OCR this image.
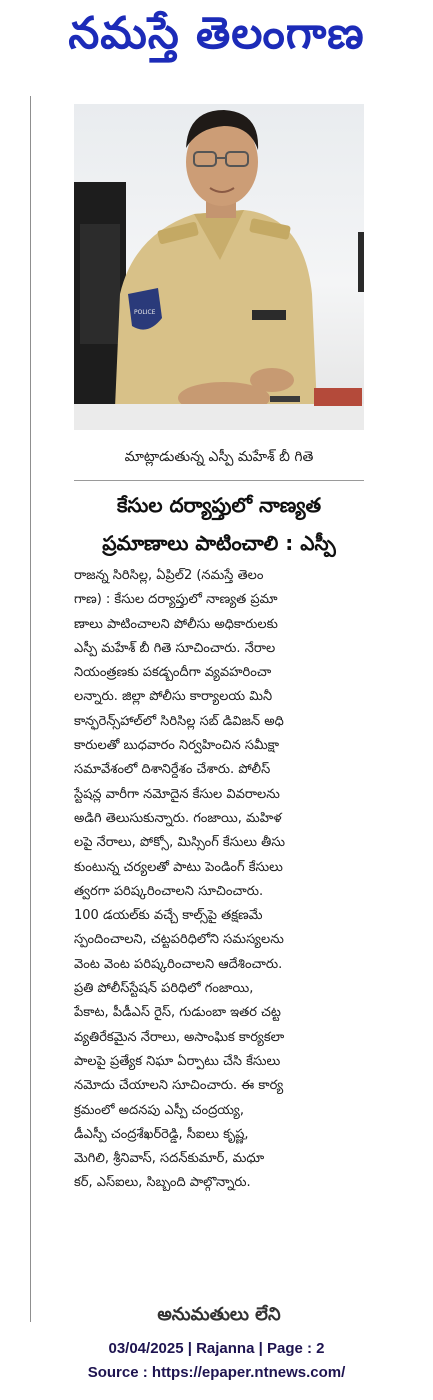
నమస్తే తెలంగాణ
POLICE
మాట్లాడుతున్న ఎస్పీ మహేశ్‌ బీ గితె
కేసుల దర్యాప్తులో నాణ్యత
ప్రమాణాలు పాటించాలి : ఎస్పీ
రాజన్న సిరిసిల్ల, ఏప్రిల్‌2 (నమస్తే తెలం
గాణ) : కేసుల దర్యాప్తులో నాణ్యత ప్రమా
ణాలు పాటించాలని పోలీసు అధికారులకు
ఎస్పీ మహేశ్‌ బీ గితె సూచించారు. నేరాల
నియంత్రణకు పకడ్బందీగా వ్యవహరించా
లన్నారు. జిల్లా పోలీసు కార్యాలయ మినీ
కాన్ఫరెన్స్‌హాల్‌లో సిరిసిల్ల సబ్‌ డివిజన్‌ అధి
కారులతో బుధవారం నిర్వహించిన సమీక్షా
సమావేశంలో దిశానిర్దేశం చేశారు. పోలీస్‌
స్టేషన్ల వారీగా నమోదైన కేసుల వివరాలను
అడిగి తెలుసుకున్నారు. గంజాయి, మహిళ
లపై నేరాలు, పోక్సో, మిస్సింగ్‌ కేసులు తీసు
కుంటున్న చర్యలతో పాటు పెండింగ్‌ కేసులు
త్వరగా పరిష్కరించాలని సూచించారు.
100 డయల్‌కు వచ్చే కాల్స్‌పై తక్షణమే
స్పందించాలని, చట్టపరిధిలోని సమస్యలను
వెంట వెంట పరిష్కరించాలని ఆదేశించారు.
ప్రతి పోలీస్‌స్టేషన్‌ పరిధిలో గంజాయి,
పేకాట, పీడీఎస్‌ రైస్‌, గుడుంబా ఇతర చట్ట
వ్యతిరేకమైన నేరాలు, అసాంఘిక కార్యకలా
పాలపై ప్రత్యేక నిఘా ఏర్పాటు చేసి కేసులు
నమోదు చేయాలని సూచించారు. ఈ కార్య
క్రమంలో అదనపు ఎస్పీ చంద్రయ్య,
డీఎస్పీ చంద్రశేఖర్‌రెడ్డి, సీఐలు కృష్ణ,
మెగిలి, శ్రీనివాస్‌, సదన్‌కుమార్‌, మధూ
కర్‌, ఎస్‌ఐలు, సిబ్బంది పాల్గొన్నారు.
అనుమతులు లేని
03/04/2025 | Rajanna | Page : 2
Source : https://epaper.ntnews.com/
